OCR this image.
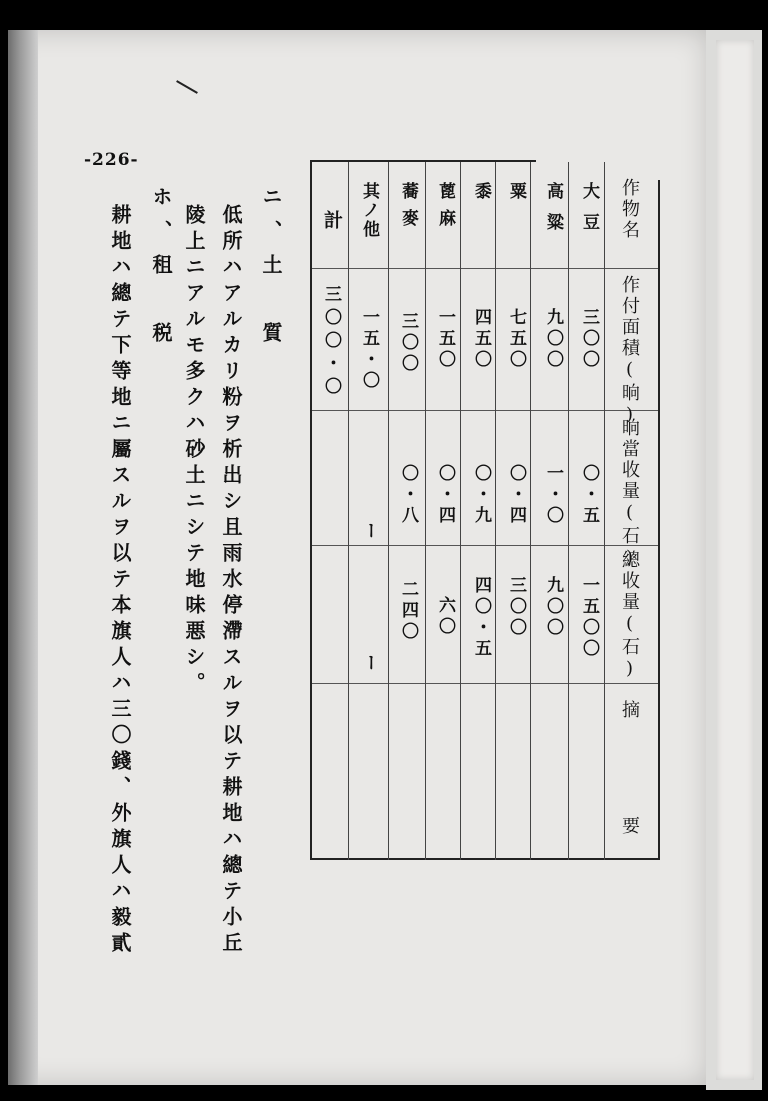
-226-
作物名
作付面積(晌)
晌當收量(石)
總收量(石)
摘　要
大豆
三〇〇
〇・五
一五〇〇
高粱
九〇〇
一・〇
九〇〇
粟
七五〇
〇・四
三〇〇
黍
四五〇
〇・九
四〇・五
蓖麻
一五〇
〇・四
六〇
蕎麥
三〇〇
〇・八
二四〇
其ノ他
一五・〇
ー
ー
計
三〇〇・〇
ニ、土　質
低所ハアルカリ粉ヲ析出シ且雨水停滯スルヲ以テ耕地ハ總テ小丘
陵上ニアルモ多クハ砂土ニシテ地味悪シ。
ホ、租　税
耕地ハ總テ下等地ニ屬スルヲ以テ本旗人ハ三〇錢、外旗人ハ毅貳
